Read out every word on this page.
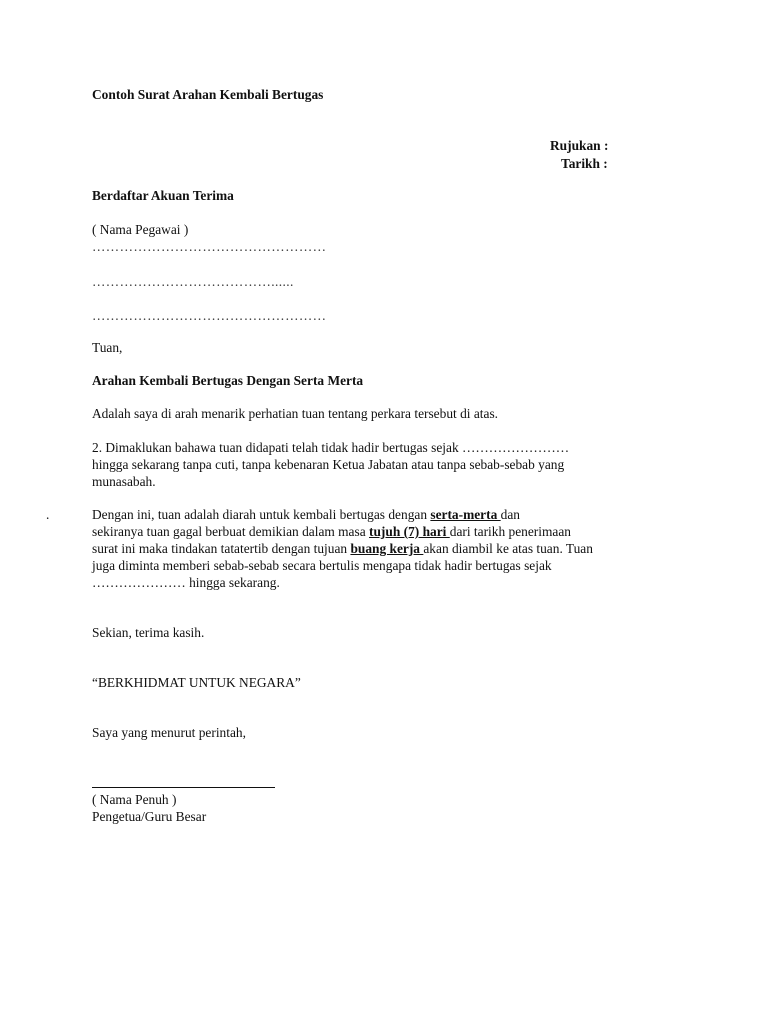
Contoh Surat Arahan Kembali Bertugas
Rujukan :
Tarikh :
Berdaftar Akuan Terima
( Nama Pegawai )
……………………………………………
…………………………………......
……………………………………………
Tuan,
Arahan Kembali Bertugas Dengan Serta Merta
Adalah saya di arah menarik perhatian tuan tentang perkara tersebut di atas.
2. Dimaklukan bahawa tuan didapati telah tidak hadir bertugas sejak ……………………
hingga sekarang tanpa cuti, tanpa kebenaran Ketua Jabatan atau tanpa sebab-sebab yang
munasabah.
.	Dengan ini, tuan adalah diarah untuk kembali bertugas dengan serta-merta dan
sekiranya tuan gagal berbuat demikian dalam masa tujuh (7) hari dari tarikh penerimaan
surat ini maka tindakan tatatertib dengan tujuan buang kerja akan diambil ke atas tuan. Tuan
juga diminta memberi sebab-sebab secara bertulis mengapa tidak hadir bertugas sejak
………………… hingga sekarang.
Sekian, terima kasih.
“BERKHIDMAT UNTUK NEGARA”
Saya yang menurut perintah,
( Nama Penuh )
Pengetua/Guru Besar
